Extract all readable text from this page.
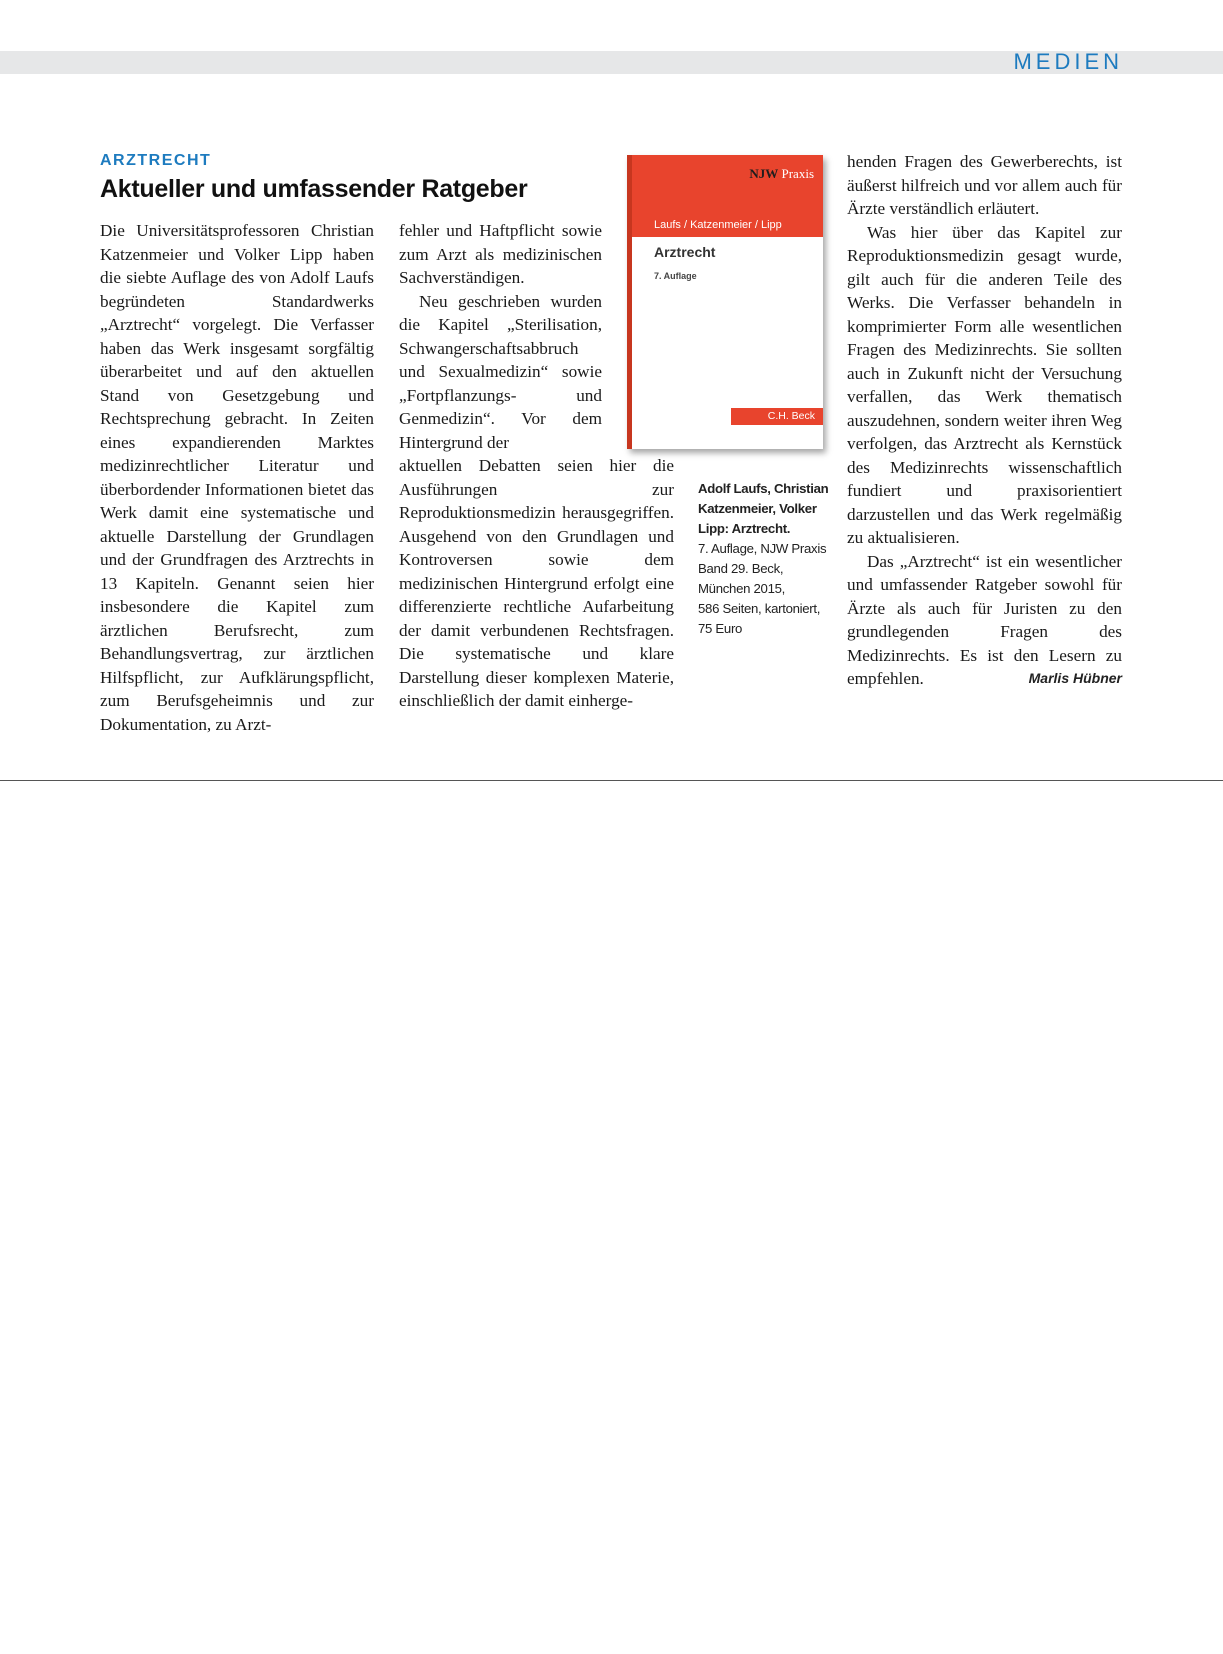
MEDIEN
ARZTRECHT
Aktueller und umfassender Ratgeber

Die Universitätsprofessoren Christian Katzenmeier und Volker Lipp haben die siebte Auflage des von Adolf Laufs begründeten Standardwerks „Arztrecht“ vorgelegt. Die Verfasser haben das Werk insgesamt sorgfältig überarbeitet und auf den aktuellen Stand von Gesetzgebung und Rechtsprechung gebracht. In Zeiten eines expandierenden Marktes medizinrechtlicher Literatur und überbordender Informationen bietet das Werk damit eine systematische und aktuelle Darstellung der Grundlagen und der Grundfragen des Arztrechts in 13 Kapiteln. Genannt seien hier insbesondere die Kapitel zum ärztlichen Berufsrecht, zum Behandlungsvertrag, zur ärztlichen Hilfspflicht, zur Aufklärungspflicht, zum Berufsgeheimnis und zur Dokumentation, zu Arzt-

fehler und Haftpflicht sowie zum Arzt als medizinischen Sachverständigen.

Neu geschrieben wurden die Kapitel „Sterilisation, Schwangerschaftsabbruch und Sexualmedizin“ sowie „Fortpflanzungs- und Genmedizin“. Vor dem Hintergrund der

aktuellen Debatten seien hier die Ausführungen zur Reproduktionsmedizin herausgegriffen. Ausgehend von den Grundlagen und Kontroversen sowie dem medizinischen Hintergrund erfolgt eine differenzierte rechtliche Aufarbeitung der damit verbundenen Rechtsfragen. Die systematische und klare Darstellung dieser komplexen Materie, einschließlich der damit einherge-

NJW Praxis
Laufs / Katzenmeier / Lipp
Arztrecht
7. Auflage
C.H. Beck
Adolf Laufs, Christian
Katzenmeier, Volker
Lipp: Arztrecht.
7. Auflage, NJW Praxis
Band 29. Beck,
München 2015,
586 Seiten, kartoniert,
75 Euro

henden Fragen des Gewerberechts, ist äußerst hilfreich und vor allem auch für Ärzte verständlich erläutert.

Was hier über das Kapitel zur Reproduktionsmedizin gesagt wurde, gilt auch für die anderen Teile des Werks. Die Verfasser behandeln in komprimierter Form alle wesentlichen Fragen des Medizinrechts. Sie sollten auch in Zukunft nicht der Versuchung verfallen, das Werk thematisch auszudehnen, sondern weiter ihren Weg verfolgen, das Arztrecht als Kernstück des Medizinrechts wissenschaftlich fundiert und praxisorientiert darzustellen und das Werk regelmäßig zu aktualisieren.

Das „Arztrecht“ ist ein wesentlicher und umfassender Ratgeber sowohl für Ärzte als auch für Juristen zu den grundlegenden Fragen des Medizinrechts. Es ist den Lesern zu empfehlen.	Marlis Hübner
